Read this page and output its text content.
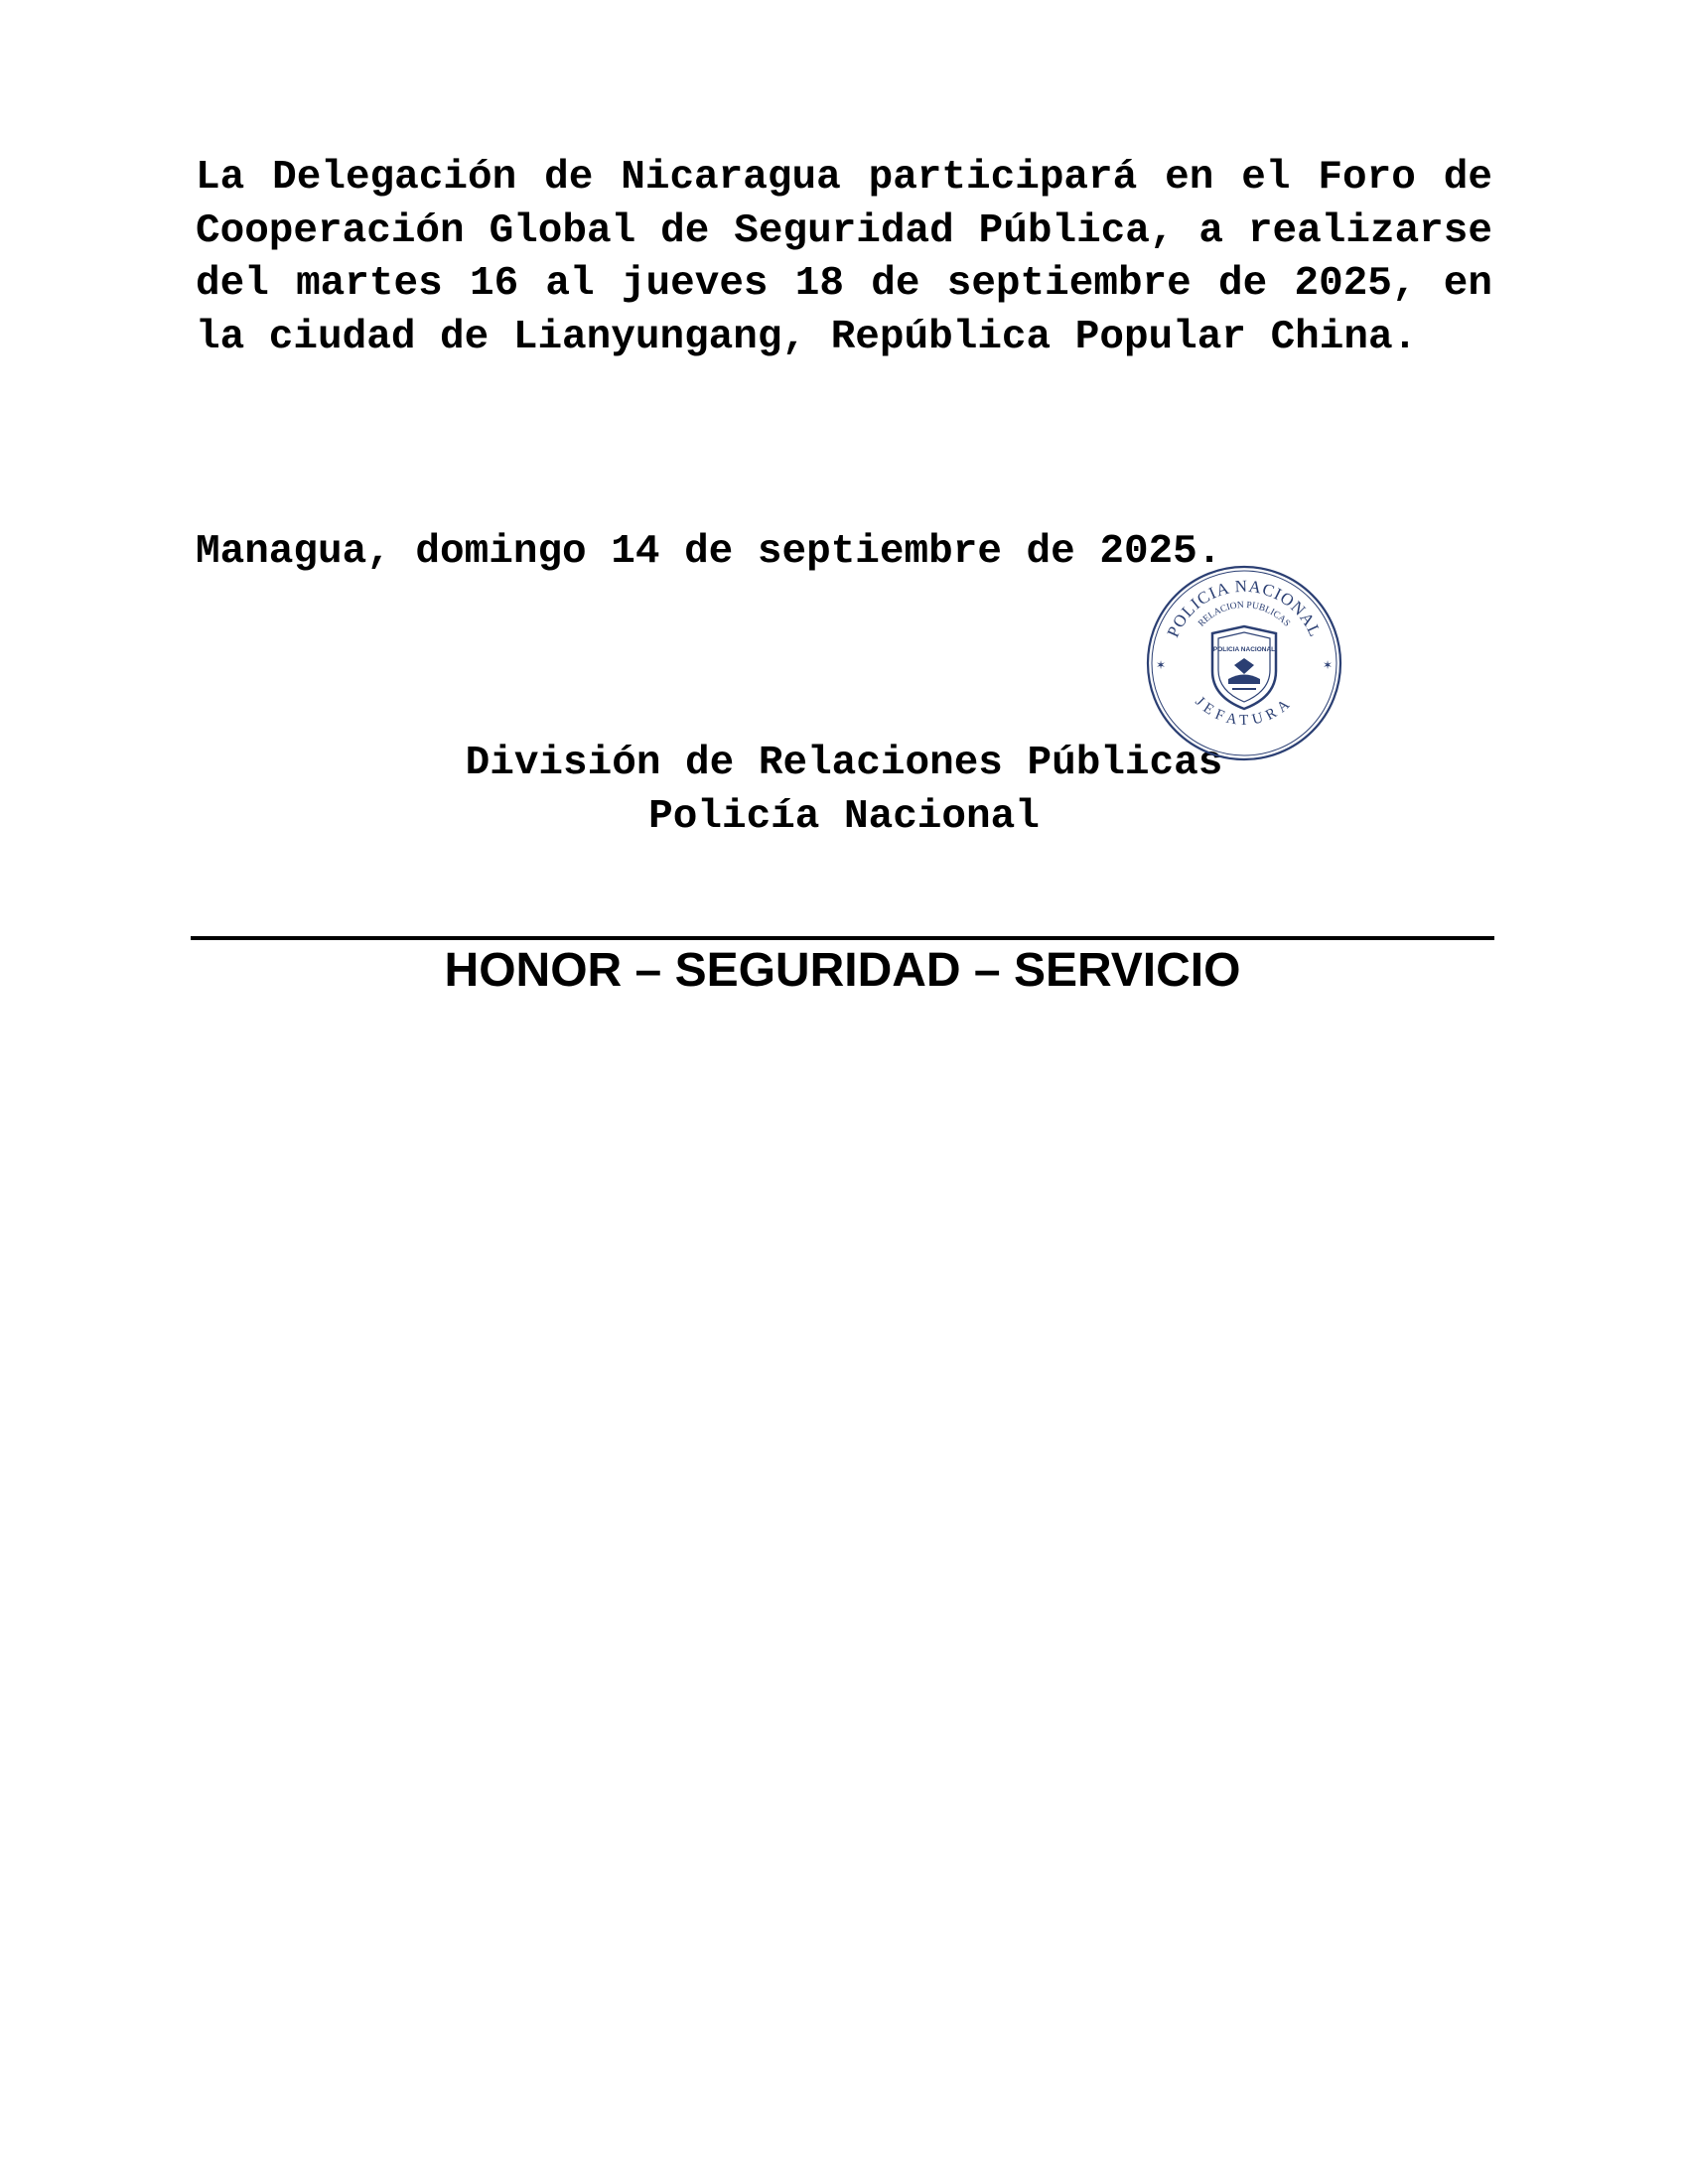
La Delegación de Nicaragua participará en el Foro de Cooperación Global de Seguridad Pública, a realizarse del martes 16 al jueves 18 de septiembre de 2025, en la ciudad de Lianyungang, República Popular China.

Managua, domingo 14 de septiembre de 2025.

División de Relaciones Públicas
Policía Nacional
HONOR – SEGURIDAD – SERVICIO
POLICIA NACIONAL
RELACION PUBLICAS
JEFATURA
✶	✶
POLICIA NACIONAL
